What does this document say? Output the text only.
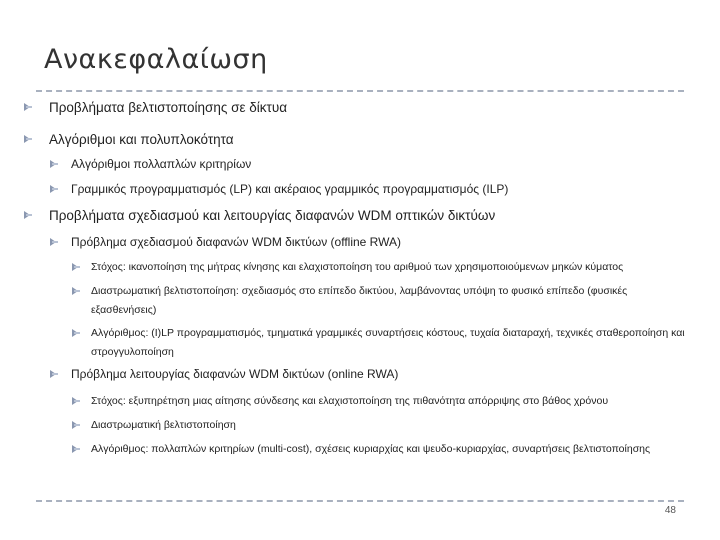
Ανακεφαλαίωση
Προβλήματα βελτιστοποίησης σε δίκτυα
Αλγόριθμοι και πολυπλοκότητα
Αλγόριθμοι πολλαπλών κριτηρίων
Γραμμικός προγραμματισμός (LP) και ακέραιος γραμμικός προγραμματισμός (ILP)
Προβλήματα σχεδιασμού και λειτουργίας διαφανών WDM οπτικών δικτύων
Πρόβλημα σχεδιασμού διαφανών WDM δικτύων (offline RWA)
Στόχος: ικανοποίηση της μήτρας κίνησης και ελαχιστοποίηση του αριθμού των χρησιμοποιούμενων μηκών κύματος
Διαστρωματική βελτιστοποίηση: σχεδιασμός στο επίπεδο δικτύου, λαμβάνοντας υπόψη το φυσικό επίπεδο (φυσικές εξασθενήσεις)
Αλγόριθμος: (I)LP προγραμματισμός, τμηματικά γραμμικές συναρτήσεις κόστους, τυχαία διαταραχή, τεχνικές σταθεροποίηση και στρογγυλοποίηση
Πρόβλημα λειτουργίας διαφανών WDM δικτύων (online RWA)
Στόχος: εξυπηρέτηση μιας αίτησης σύνδεσης και ελαχιστοποίηση της πιθανότητα απόρριψης στο βάθος χρόνου
Διαστρωματική βελτιστοποίηση
Αλγόριθμος: πολλαπλών κριτηρίων (multi-cost), σχέσεις κυριαρχίας και ψευδο-κυριαρχίας, συναρτήσεις βελτιστοποίησης
48
